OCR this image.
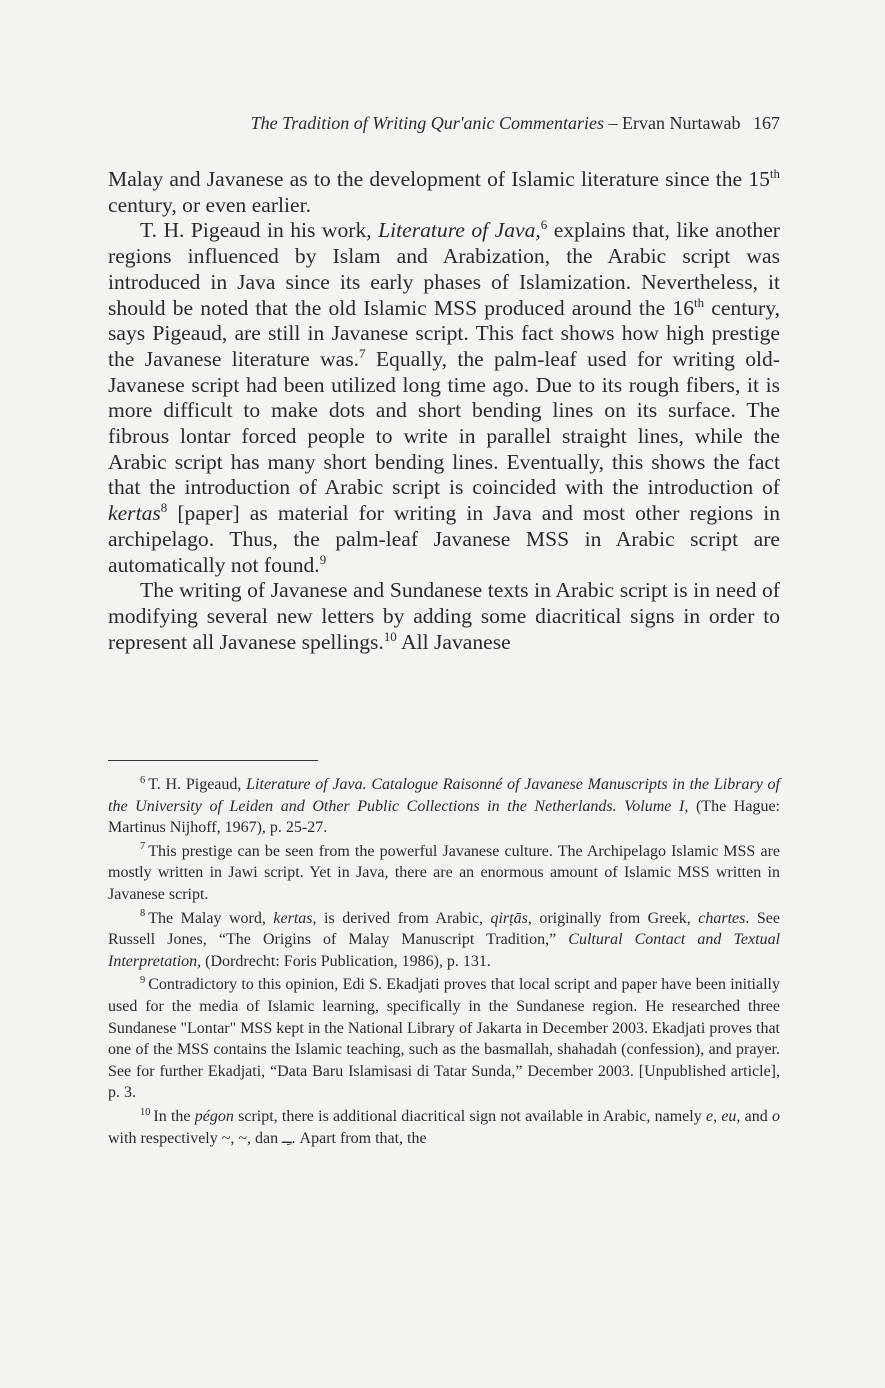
The Tradition of Writing Qur'anic Commentaries – Ervan Nurtawab 167

Malay and Javanese as to the development of Islamic literature since the 15th century, or even earlier.

T. H. Pigeaud in his work, Literature of Java,$^6$ explains that, like another regions influenced by Islam and Arabization, the Arabic script was introduced in Java since its early phases of Islamization. Nevertheless, it should be noted that the old Islamic MSS produced around the 16th century, says Pigeaud, are still in Javanese script. This fact shows how high prestige the Javanese literature was.$^7$ Equally, the palm-leaf used for writing old-Javanese script had been utilized long time ago. Due to its rough fibers, it is more difficult to make dots and short bending lines on its surface. The fibrous lontar forced people to write in parallel straight lines, while the Arabic script has many short bending lines. Eventually, this shows the fact that the introduction of Arabic script is coincided with the introduction of kertas$^8$ [paper] as material for writing in Java and most other regions in archipelago. Thus, the palm-leaf Javanese MSS in Arabic script are automatically not found.$^9$

The writing of Javanese and Sundanese texts in Arabic script is in need of modifying several new letters by adding some diacritical signs in order to represent all Javanese spellings.$^{10}$ All Javanese

$^6$ T. H. Pigeaud, Literature of Java. Catalogue Raisonné of Javanese Manuscripts in the Library of the University of Leiden and Other Public Collections in the Netherlands. Volume I, (The Hague: Martinus Nijhoff, 1967), p. 25-27.

$^7$ This prestige can be seen from the powerful Javanese culture. The Archipelago Islamic MSS are mostly written in Jawi script. Yet in Java, there are an enormous amount of Islamic MSS written in Javanese script.

$^8$ The Malay word, kertas, is derived from Arabic, qirṭās, originally from Greek, chartes. See Russell Jones, “The Origins of Malay Manuscript Tradition,” Cultural Contact and Textual Interpretation, (Dordrecht: Foris Publication, 1986), p. 131.

$^9$ Contradictory to this opinion, Edi S. Ekadjati proves that local script and paper have been initially used for the media of Islamic learning, specifically in the Sundanese region. He researched three Sundanese "Lontar" MSS kept in the National Library of Jakarta in December 2003. Ekadjati proves that one of the MSS contains the Islamic teaching, such as the basmallah, shahadah (confession), and prayer. See for further Ekadjati, “Data Baru Islamisasi di Tatar Sunda,” December 2003. [Unpublished article], p. 3.

$^{10}$ In the pégon script, there is additional diacritical sign not available in Arabic, namely e, eu, and o with respectively ~, ~, dan ـِـ. Apart from that, the
